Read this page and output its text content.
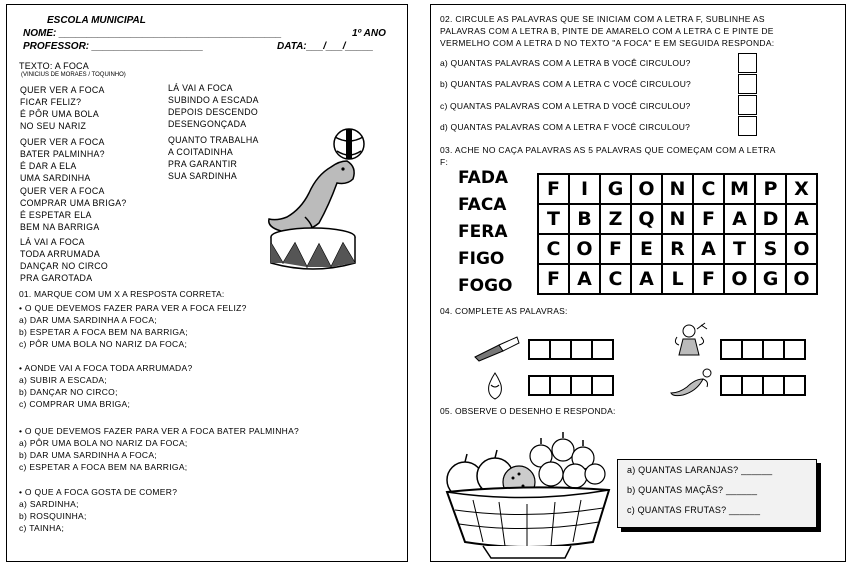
ESCOLA MUNICIPAL
NOME: ________________________________________	1º ANO
PROFESSOR: ____________________	DATA:___/___/_____
TEXTO: A FOCA
(VINICIUS DE MORAES / TOQUINHO)
QUER VER A FOCA
FICAR FELIZ?
É PÔR UMA BOLA
NO SEU NARIZ
QUER VER A FOCA
BATER PALMINHA?
É DAR A ELA
UMA SARDINHA
QUER VER A FOCA
COMPRAR UMA BRIGA?
É ESPETAR ELA
BEM NA BARRIGA
LÁ VAI A FOCA
TODA ARRUMADA
DANÇAR NO CIRCO
PRA GAROTADA
LÁ VAI A FOCA
SUBINDO A ESCADA
DEPOIS DESCENDO
DESENGONÇADA
QUANTO TRABALHA
A COITADINHA
PRA GARANTIR
SUA SARDINHA
01. MARQUE COM UM X A RESPOSTA CORRETA:
• O QUE DEVEMOS FAZER PARA VER A FOCA FELIZ?
a) DAR UMA SARDINHA A FOCA;
b) ESPETAR A FOCA BEM NA BARRIGA;
c) PÔR UMA BOLA NO NARIZ DA FOCA;
• AONDE VAI A FOCA TODA ARRUMADA?
a) SUBIR A ESCADA;
b) DANÇAR NO CIRCO;
c) COMPRAR UMA BRIGA;
• O QUE DEVEMOS FAZER PARA VER A FOCA BATER PALMINHA?
a) PÔR UMA BOLA NO NARIZ DA FOCA;
b) DAR UMA SARDINHA A FOCA;
c) ESPETAR A FOCA BEM NA BARRIGA;
• O QUE A FOCA GOSTA DE COMER?
a) SARDINHA;
b) ROSQUINHA;
c) TAINHA;
02. CIRCULE AS PALAVRAS QUE SE INICIAM COM A LETRA F, SUBLINHE AS
PALAVRAS COM A LETRA B, PINTE DE AMARELO COM A LETRA C E PINTE DE
VERMELHO COM A LETRA D NO TEXTO "A FOCA" E EM SEGUIDA RESPONDA:
a) QUANTAS PALAVRAS COM A LETRA B VOCÊ CIRCULOU?
b) QUANTAS PALAVRAS COM A LETRA C VOCÊ CIRCULOU?
c) QUANTAS PALAVRAS COM A LETRA D VOCÊ CIRCULOU?
d) QUANTAS PALAVRAS COM A LETRA F VOCÊ CIRCULOU?
03. ACHE NO CAÇA PALAVRAS AS 5 PALAVRAS QUE COMEÇAM COM A LETRA
F:
FADA
FACA
FERA
FIGO
FOGO
F	I	G	O	N	C	M	P	X
T	B	Z	Q	N	F	A	D	A
C	O	F	E	R	A	T	S	O
F	A	C	A	L	F	O	G	O
04. COMPLETE AS PALAVRAS:
05. OBSERVE O DESENHO E RESPONDA:
a) QUANTAS LARANJAS? ______
b) QUANTAS MAÇÃS? ______
c) QUANTAS FRUTAS? ______
